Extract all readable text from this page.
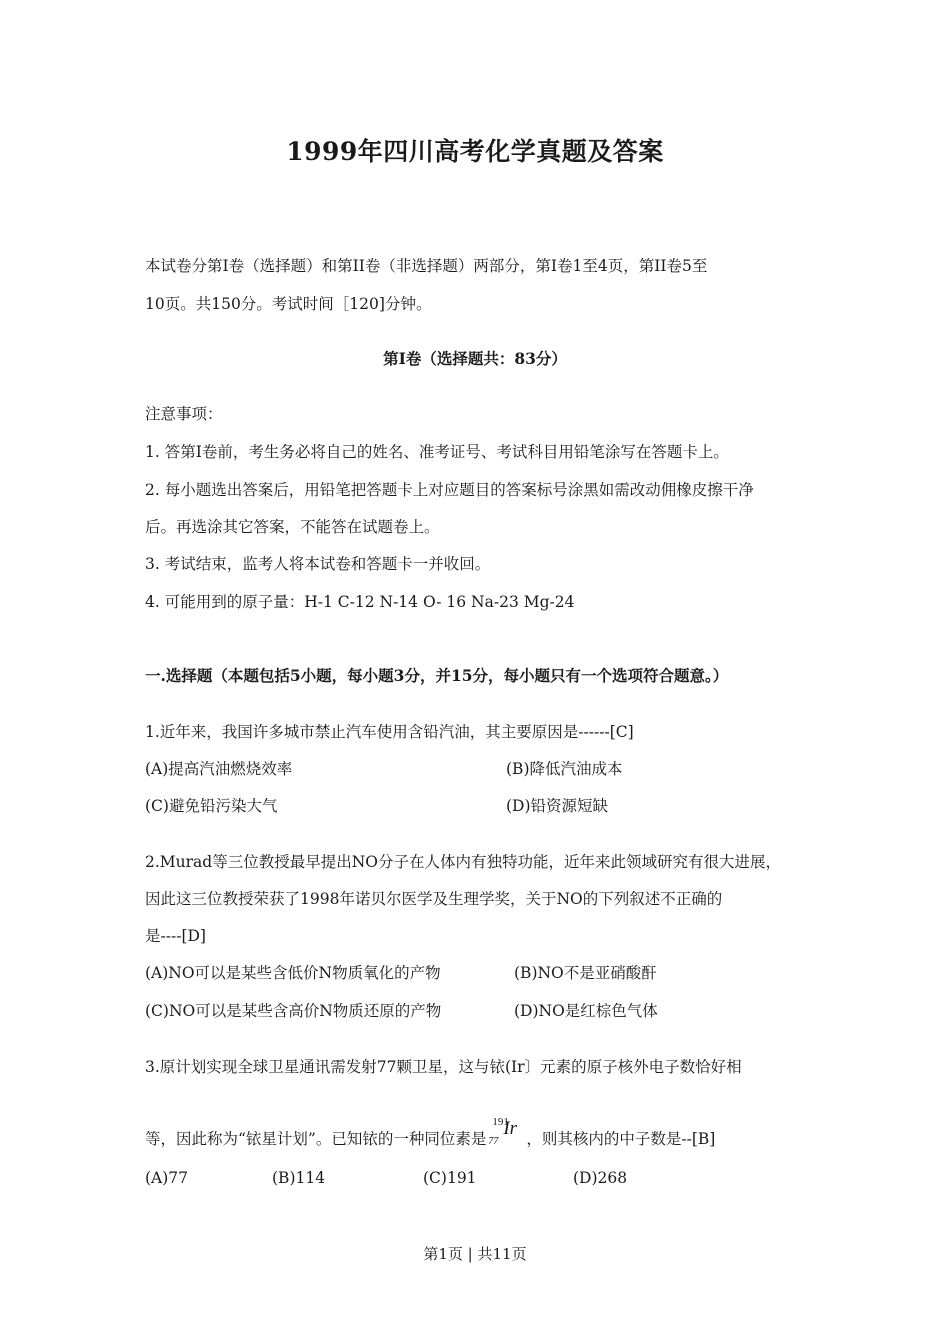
1999年四川高考化学真题及答案
本试卷分第Ⅰ卷（选择题）和第II卷（非选择题）两部分，第Ⅰ卷1至4页，第II卷5至
10页。共150分。考试时间［120]分钟。
第Ⅰ卷（选择题共：83分）
注意事项：
1. 答第Ⅰ卷前，考生务必将自己的姓名、准考证号、考试科目用铅笔涂写在答题卡上。
2. 每小题选出答案后，用铅笔把答题卡上对应题目的答案标号涂黑如需改动佣橡皮擦干净
后。再选涂其它答案，不能答在试题卷上。
3. 考试结束，监考人将本试卷和答题卡一并收回。
4. 可能用到的原子量：H-1 C-12 N-14 O- 16 Na-23 Mg-24
一.选择题（本题包括5小题，每小题3分，并15分，每小题只有一个选项符合题意。）
1.近年来，我国许多城市禁止汽车使用含铅汽油，其主要原因是------[C]
(A)提高汽油燃烧效率	(B)降低汽油成本
(C)避免铅污染大气	(D)铅资源短缺
2.Murad等三位教授最早提出NO分子在人体内有独特功能，近年来此领域研究有很大进展，
因此这三位教授荣获了1998年诺贝尔医学及生理学奖，关于NO的下列叙述不正确的
是----[D]
(A)NO可以是某些含低价N物质氧化的产物	(B)NO不是亚硝酸酐
(C)NO可以是某些含高价N物质还原的产物	(D)NO是红棕色气体
3.原计划实现全球卫星通讯需发射77颗卫星，这与铱(Ir〕元素的原子核外电子数恰好相
等，因此称为“铱星计划”。已知铱的一种同位素是
191
77
Ir ，则其核内的中子数是--[B]
(A)77	(B)114	(C)191	(D)268
第1页 | 共11页
